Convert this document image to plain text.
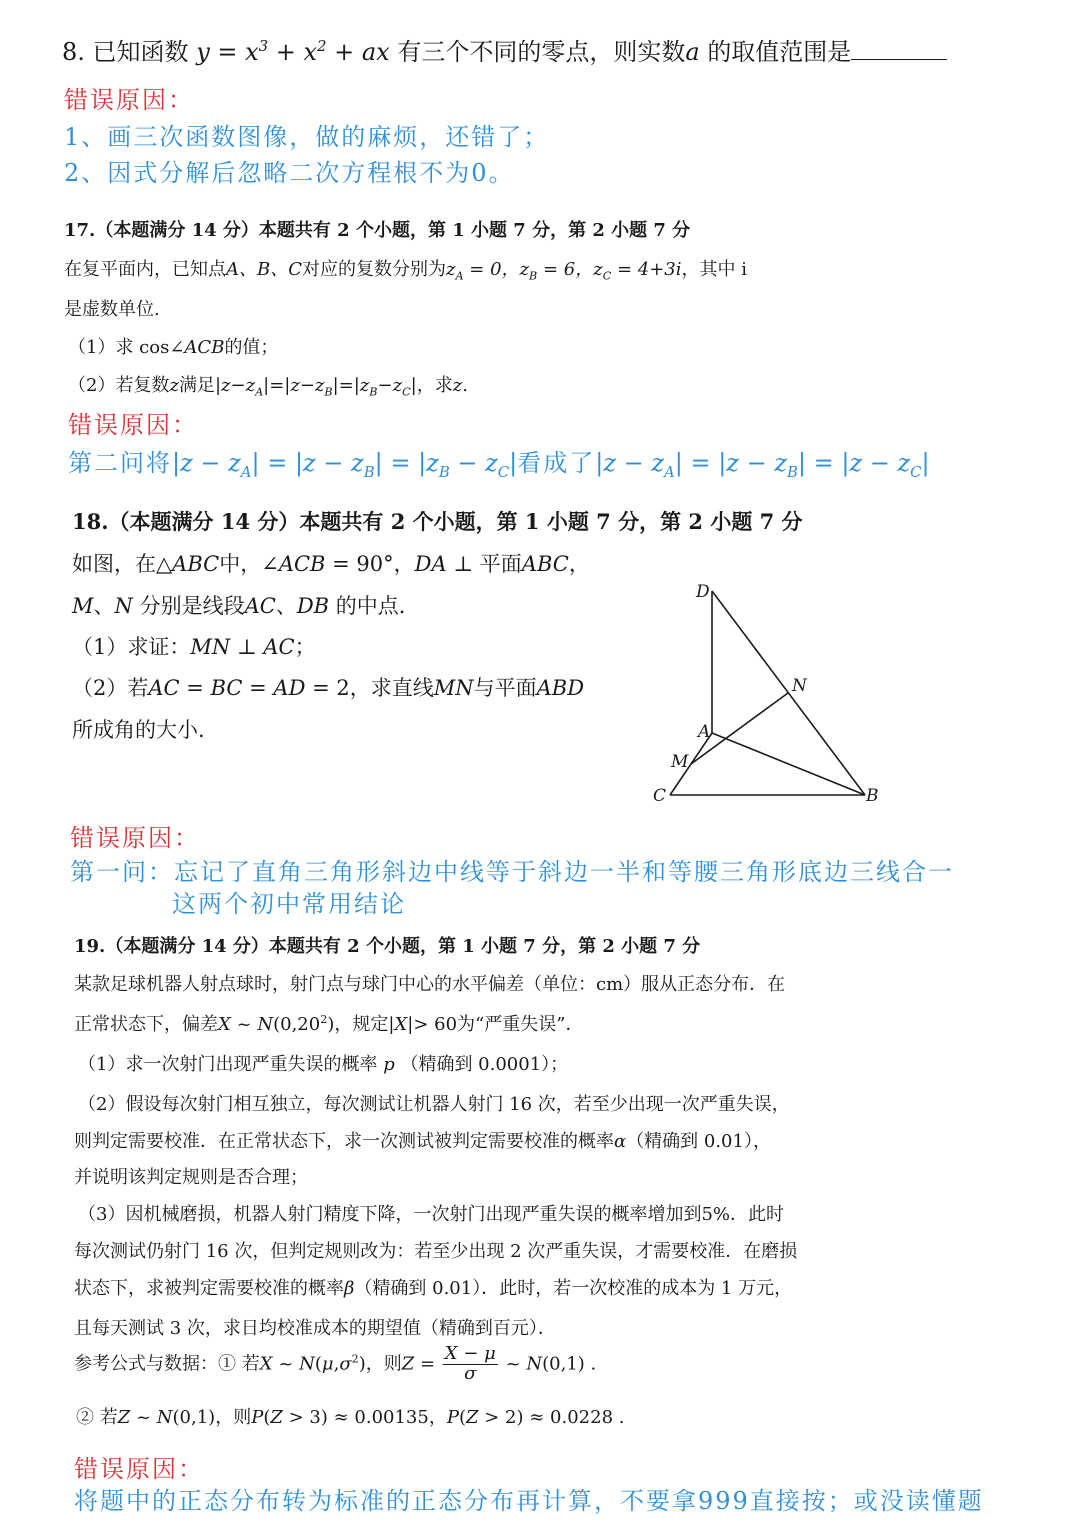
8. 已知函数 $y = x^3 + x^2$ + ax 有三个不同的零点，则实数a 的取值范围是
错误原因：
1、画三次函数图像，做的麻烦，还错了；
2、因式分解后忽略二次方程根不为0。
17.（本题满分 14 分）本题共有 2 个小题，第 1 小题 7 分，第 2 小题 7 分
在复平面内，已知点A、B、C对应的复数分别为$z_A = 0$，$z_B = 6$，$z_C = 4+3i$，其中 i
是虚数单位.
（1）求 cos∠ACB的值；
（2）若复数z满足$|z-z_A|=|z-z_B|=|z_B-z_C|$，求z.
错误原因：
第二问将$|z - z_A| = |z - z_B| = |z_B - z_C|$看成了$|z - z_A| = |z - z_B| = |z - z_C|$
18.（本题满分 14 分）本题共有 2 个小题，第 1 小题 7 分，第 2 小题 7 分
如图，在△ABC中，∠ACB = 90°，DA ⊥ 平面ABC，
M、N 分别是线段AC、DB 的中点.
（1）求证：MN ⊥ AC；
（2）若AC = BC = AD = 2，求直线MN与平面ABD
所成角的大小.
D
N
A
M
C	B
错误原因：
第一问：忘记了直角三角形斜边中线等于斜边一半和等腰三角形底边三线合一
这两个初中常用结论
19.（本题满分 14 分）本题共有 2 个小题，第 1 小题 7 分，第 2 小题 7 分
某款足球机器人射点球时，射门点与球门中心的水平偏差（单位：cm）服从正态分布．在
正常状态下，偏差X ~ N(0,20$^2$)，规定|X|> 60为“严重失误”．
（1）求一次射门出现严重失误的概率 p （精确到 0.0001）；
（2）假设每次射门相互独立，每次测试让机器人射门 16 次，若至少出现一次严重失误，
则判定需要校准．在正常状态下，求一次测试被判定需要校准的概率α（精确到 0.01），
并说明该判定规则是否合理；
（3）因机械磨损，机器人射门精度下降，一次射门出现严重失误的概率增加到5%．此时
每次测试仍射门 16 次，但判定规则改为：若至少出现 2 次严重失误，才需要校准．在磨损
状态下，求被判定需要校准的概率β（精确到 0.01）．此时，若一次校准的成本为 1 万元，
且每天测试 3 次，求日均校准成本的期望值（精确到百元）．
参考公式与数据：① 若X ~ $N(\mu,\sigma^2)$，则$Z = \frac{X - \mu}{\sigma}$ ~ N(0,1) .
② 若Z ~ N(0,1)，则P(Z > 3) ≈ 0.00135，P(Z > 2) ≈ 0.0228 .
错误原因：
将题中的正态分布转为标准的正态分布再计算，不要拿999直接按；或没读懂题
